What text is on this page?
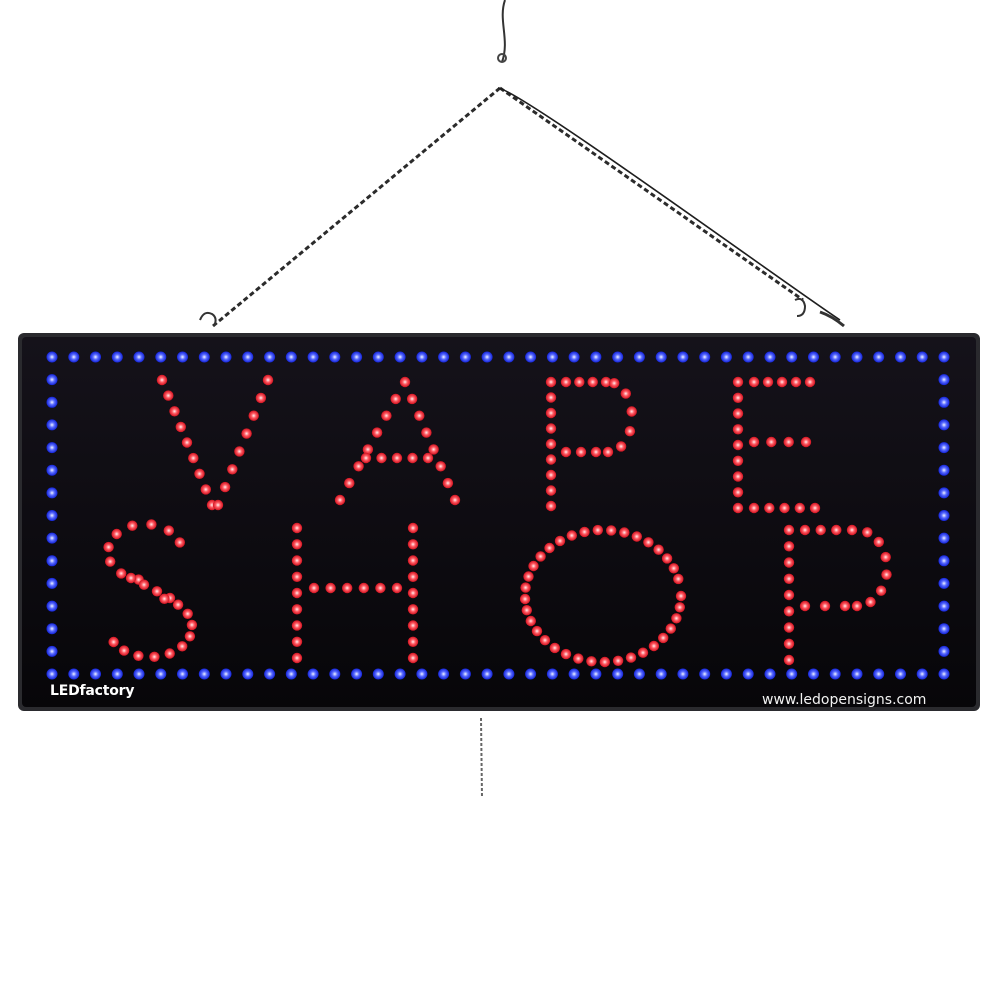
LEDfactory
www.ledopensigns.com
